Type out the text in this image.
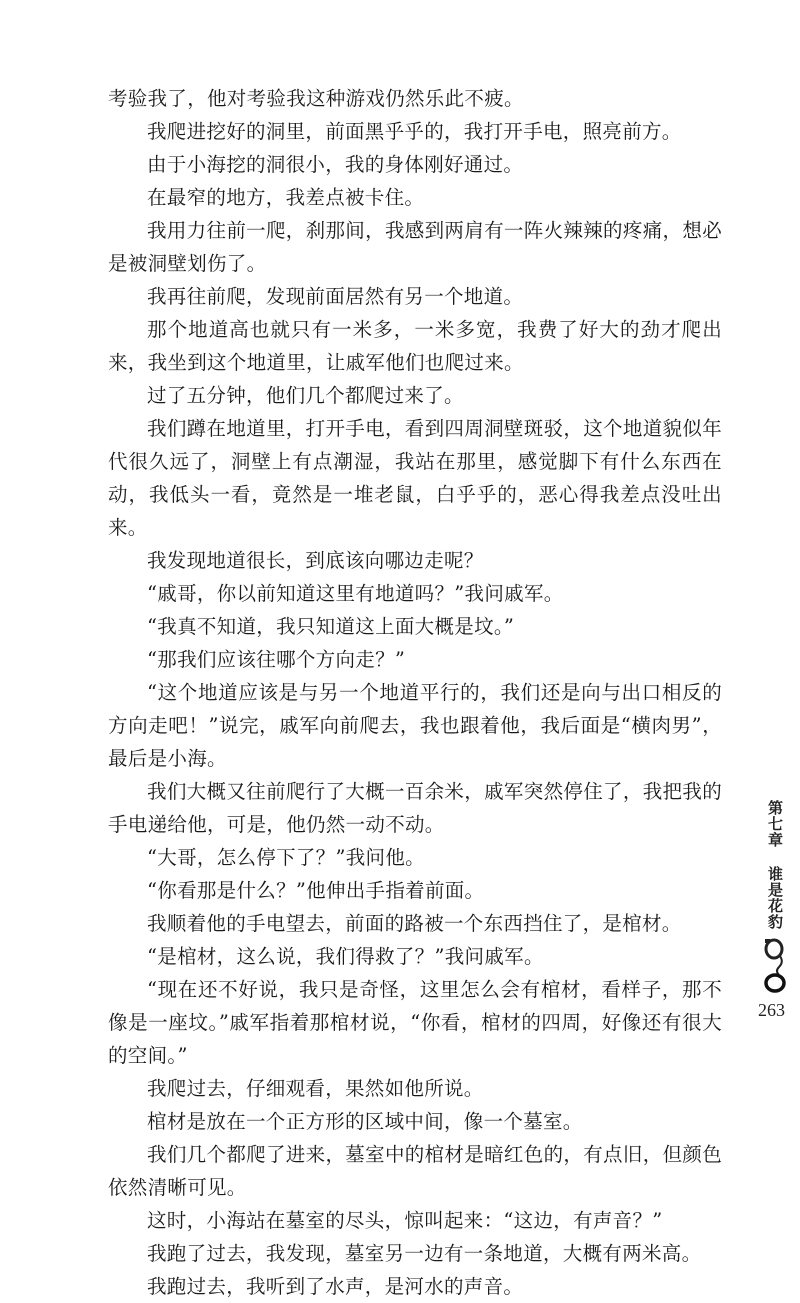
考验我了，他对考验我这种游戏仍然乐此不疲。

我爬进挖好的洞里，前面黑乎乎的，我打开手电，照亮前方。

由于小海挖的洞很小，我的身体刚好通过。

在最窄的地方，我差点被卡住。

我用力往前一爬，刹那间，我感到两肩有一阵火辣辣的疼痛，想必是被洞壁划伤了。

我再往前爬，发现前面居然有另一个地道。

那个地道高也就只有一米多，一米多宽，我费了好大的劲才爬出来，我坐到这个地道里，让戚军他们也爬过来。

过了五分钟，他们几个都爬过来了。

我们蹲在地道里，打开手电，看到四周洞壁斑驳，这个地道貌似年代很久远了，洞壁上有点潮湿，我站在那里，感觉脚下有什么东西在动，我低头一看，竟然是一堆老鼠，白乎乎的，恶心得我差点没吐出来。

我发现地道很长，到底该向哪边走呢？

“戚哥，你以前知道这里有地道吗？”我问戚军。

“我真不知道，我只知道这上面大概是坟。”

“那我们应该往哪个方向走？”

“这个地道应该是与另一个地道平行的，我们还是向与出口相反的方向走吧！”说完，戚军向前爬去，我也跟着他，我后面是“横肉男”，最后是小海。

我们大概又往前爬行了大概一百余米，戚军突然停住了，我把我的手电递给他，可是，他仍然一动不动。

“大哥，怎么停下了？”我问他。

“你看那是什么？”他伸出手指着前面。

我顺着他的手电望去，前面的路被一个东西挡住了，是棺材。

“是棺材，这么说，我们得救了？”我问戚军。

“现在还不好说，我只是奇怪，这里怎么会有棺材，看样子，那不像是一座坟。”戚军指着那棺材说，“你看，棺材的四周，好像还有很大的空间。”

我爬过去，仔细观看，果然如他所说。

棺材是放在一个正方形的区域中间，像一个墓室。

我们几个都爬了进来，墓室中的棺材是暗红色的，有点旧，但颜色依然清晰可见。

这时，小海站在墓室的尽头，惊叫起来：“这边，有声音？”

我跑了过去，我发现，墓室另一边有一条地道，大概有两米高。

我跑过去，我听到了水声，是河水的声音。

第七章谁是花豹
263
